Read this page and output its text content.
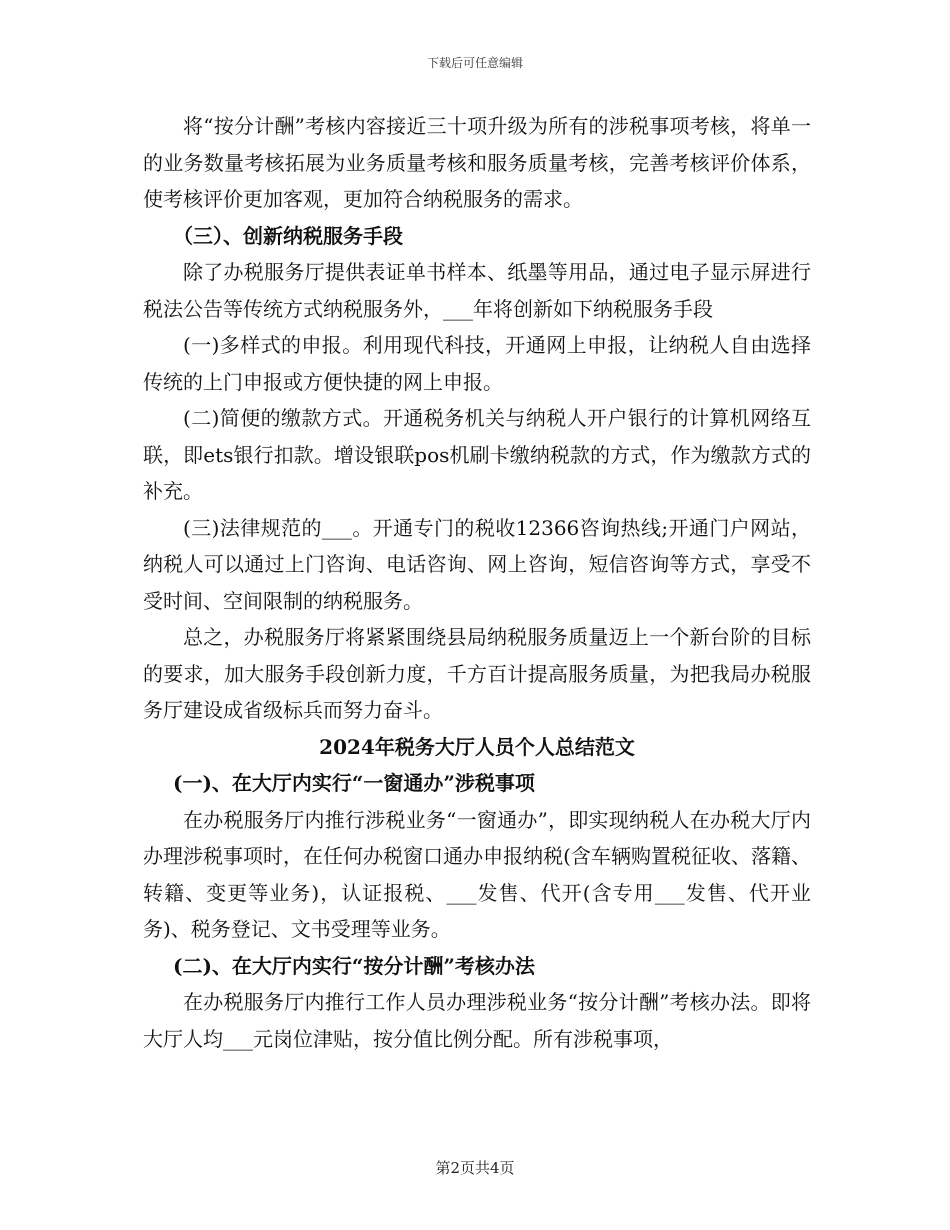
下载后可任意编辑

将“按分计酬”考核内容接近三十项升级为所有的涉税事项考核，将单一的业务数量考核拓展为业务质量考核和服务质量考核，完善考核评价体系，使考核评价更加客观，更加符合纳税服务的需求。

（三）、创新纳税服务手段

除了办税服务厅提供表证单书样本、纸墨等用品，通过电子显示屏进行税法公告等传统方式纳税服务外，___年将创新如下纳税服务手段

(一)多样式的申报。利用现代科技，开通网上申报，让纳税人自由选择传统的上门申报或方便快捷的网上申报。

(二)简便的缴款方式。开通税务机关与纳税人开户银行的计算机网络互联，即ets银行扣款。增设银联pos机刷卡缴纳税款的方式，作为缴款方式的补充。

(三)法律规范的___。开通专门的税收12366咨询热线;开通门户网站，纳税人可以通过上门咨询、电话咨询、网上咨询，短信咨询等方式，享受不受时间、空间限制的纳税服务。

总之，办税服务厅将紧紧围绕县局纳税服务质量迈上一个新台阶的目标的要求，加大服务手段创新力度，千方百计提高服务质量，为把我局办税服务厅建设成省级标兵而努力奋斗。

2024年税务大厅人员个人总结范文

(一)、在大厅内实行“一窗通办”涉税事项

在办税服务厅内推行涉税业务“一窗通办”，即实现纳税人在办税大厅内办理涉税事项时，在任何办税窗口通办申报纳税(含车辆购置税征收、落籍、转籍、变更等业务)，认证报税、___发售、代开(含专用___发售、代开业务)、税务登记、文书受理等业务。

(二)、在大厅内实行“按分计酬”考核办法

在办税服务厅内推行工作人员办理涉税业务“按分计酬”考核办法。即将大厅人均___元岗位津贴，按分值比例分配。所有涉税事项，

第2页共4页
